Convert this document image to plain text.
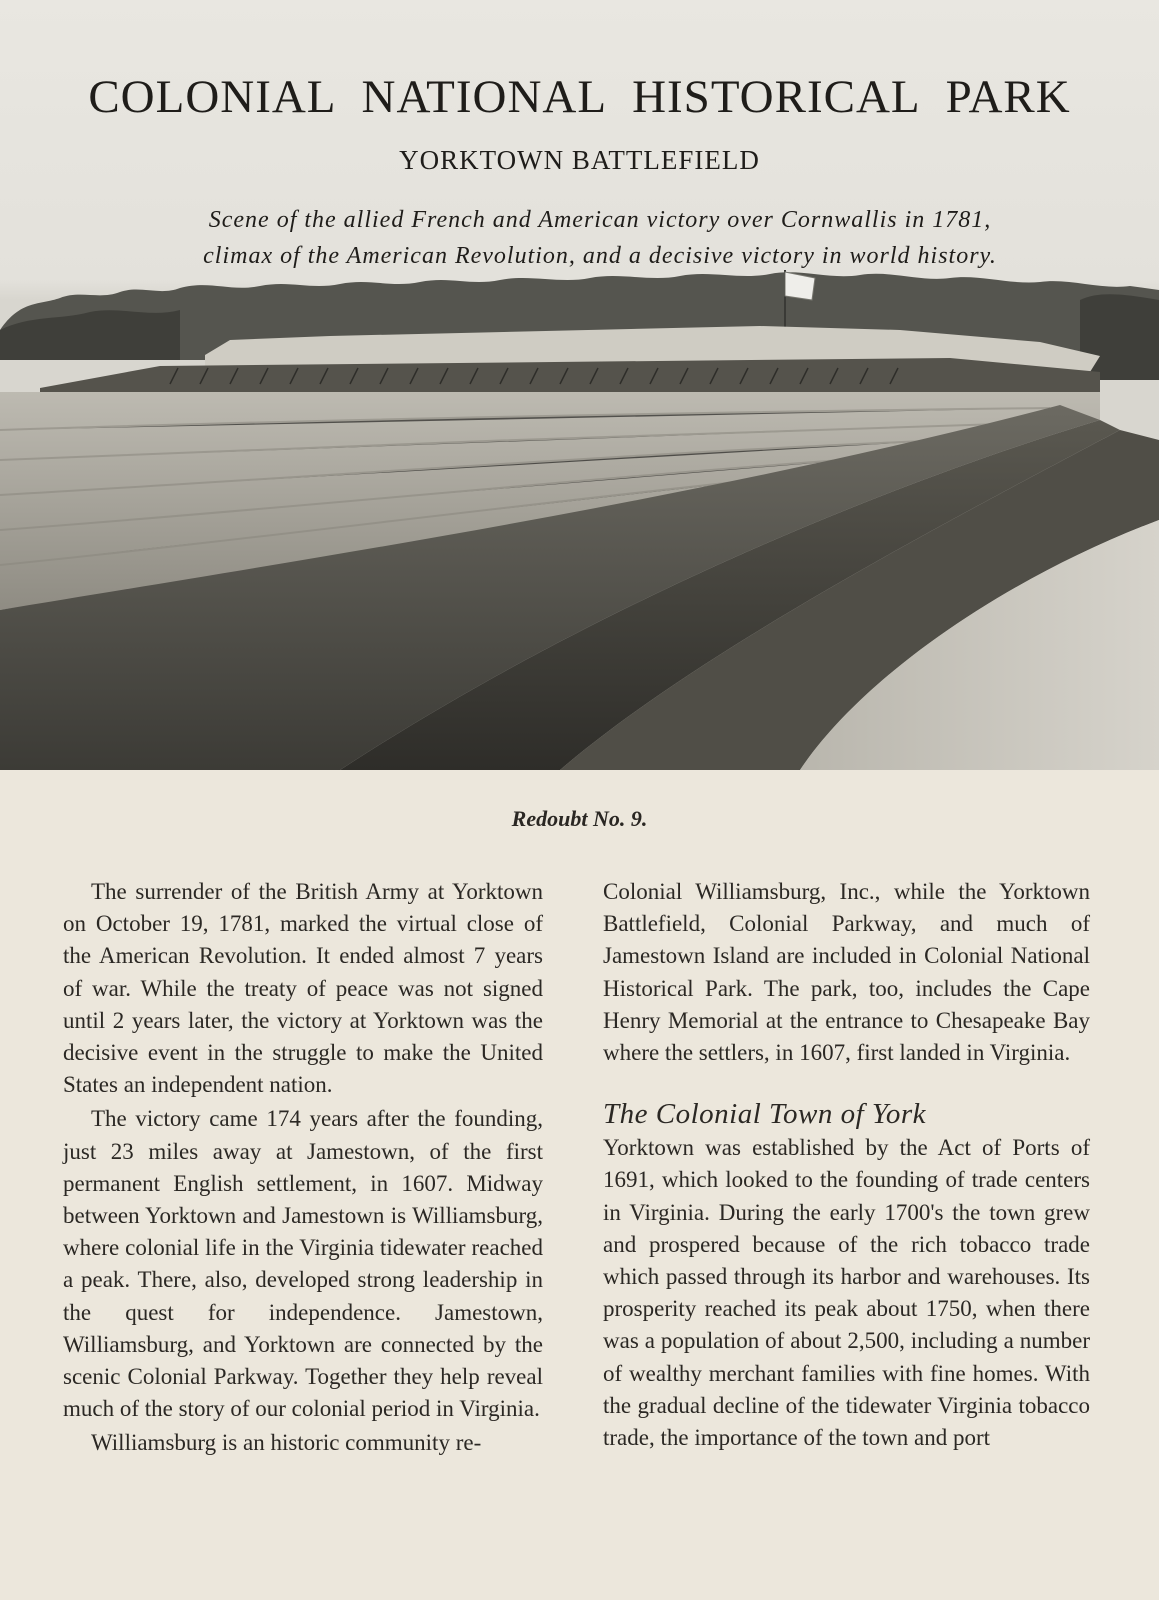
COLONIAL NATIONAL HISTORICAL PARK
YORKTOWN BATTLEFIELD
Scene of the allied French and American victory over Cornwallis in 1781,
climax of the American Revolution, and a decisive victory in world history.
Redoubt No. 9.

The surrender of the British Army at Yorktown on October 19, 1781, marked the virtual close of the American Revolution. It ended almost 7 years of war. While the treaty of peace was not signed until 2 years later, the victory at Yorktown was the decisive event in the struggle to make the United States an independent nation.

The victory came 174 years after the founding, just 23 miles away at Jamestown, of the first permanent English settlement, in 1607. Midway between Yorktown and Jamestown is Williamsburg, where colonial life in the Virginia tidewater reached a peak. There, also, developed strong leadership in the quest for independence. Jamestown, Williamsburg, and Yorktown are connected by the scenic Colonial Parkway. Together they help reveal much of the story of our colonial period in Virginia.

Williamsburg is an historic community re-

Colonial Williamsburg, Inc., while the Yorktown Battlefield, Colonial Parkway, and much of Jamestown Island are included in Colonial National Historical Park. The park, too, includes the Cape Henry Memorial at the entrance to Chesapeake Bay where the settlers, in 1607, first landed in Virginia.

The Colonial Town of York

Yorktown was established by the Act of Ports of 1691, which looked to the founding of trade centers in Virginia. During the early 1700's the town grew and prospered because of the rich tobacco trade which passed through its harbor and warehouses. Its prosperity reached its peak about 1750, when there was a population of about 2,500, including a number of wealthy merchant families with fine homes. With the gradual decline of the tidewater Virginia tobacco trade, the importance of the town and port
